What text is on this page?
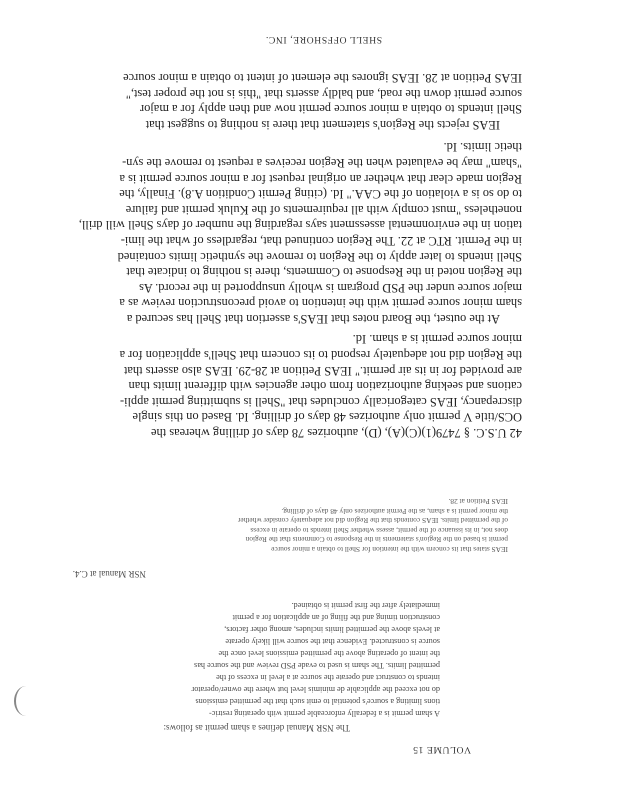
SHELL OFFSHORE, INC.
VOLUME 15
The NSR Manual defines a sham permit as follows:
A sham permit is a federally enforceable permit with operating restric-
tions limiting a source's potential to emit such that the permitted emissions
do not exceed the applicable de minimis level but where the owner/operator
intends to construct and operate the source at a level in excess of the
permitted limits. The sham is used to evade PSD review and the source has
the intent of operating above the permitted emissions level once the
source is constructed. Evidence that the source will likely operate
at levels above the permitted limits includes, among other factors,
construction timing and the filing of an application for a permit
immediately after the first permit is obtained.
NSR Manual at C.4.
IEAS states that its concern with the intention for Shell to obtain a minor source
permit is based on the Region's statements in the Response to Comments that the Region
does not, in its issuance of the permit, assess whether Shell intends to operate in excess
of the permitted limits. IEAS contends that the Region did not adequately consider whether
the minor permit is a sham, as the Permit authorizes only 48 days of drilling.
IEAS Petition at 28.
42 U.S.C. § 7479(1)(C)(A), (D), authorizes 78 days of drilling whereas the
OCS/title V permit only authorizes 48 days of drilling. Id. Based on this single
discrepancy, IEAS categorically concludes that "Shell is submitting permit appli-
cations and seeking authorization from other agencies with different limits than
are provided for in its air permit." IEAS Petition at 28-29. IEAS also asserts that
the Region did not adequately respond to its concern that Shell's application for a
minor source permit is a sham. Id.
At the outset, the Board notes that IEAS's assertion that Shell has secured a
sham minor source permit with the intention to avoid preconstruction review as a
major source under the PSD program is wholly unsupported in the record. As
the Region noted in the Response to Comments, there is nothing to indicate that
Shell intends to later apply to the Region to remove the synthetic limits contained
in the Permit. RTC at 22. The Region continued that, regardless of what the limi-
tation in the environmental assessment says regarding the number of days Shell will drill,
nonetheless "must comply with all requirements of the Kuluk permit and failure
to do so is a violation of the CAA." Id. (citing Permit Condition A.8). Finally, the
Region made clear that whether an original request for a minor source permit is a
"sham" may be evaluated when the Region receives a request to remove the syn-
thetic limits. Id.
IEAS rejects the Region's statement that there is nothing to suggest that
Shell intends to obtain a minor source permit now and then apply for a major
source permit down the road, and baldly asserts that "this is not the proper test,"
IEAS Petition at 28. IEAS ignores the element of intent to obtain a minor source
